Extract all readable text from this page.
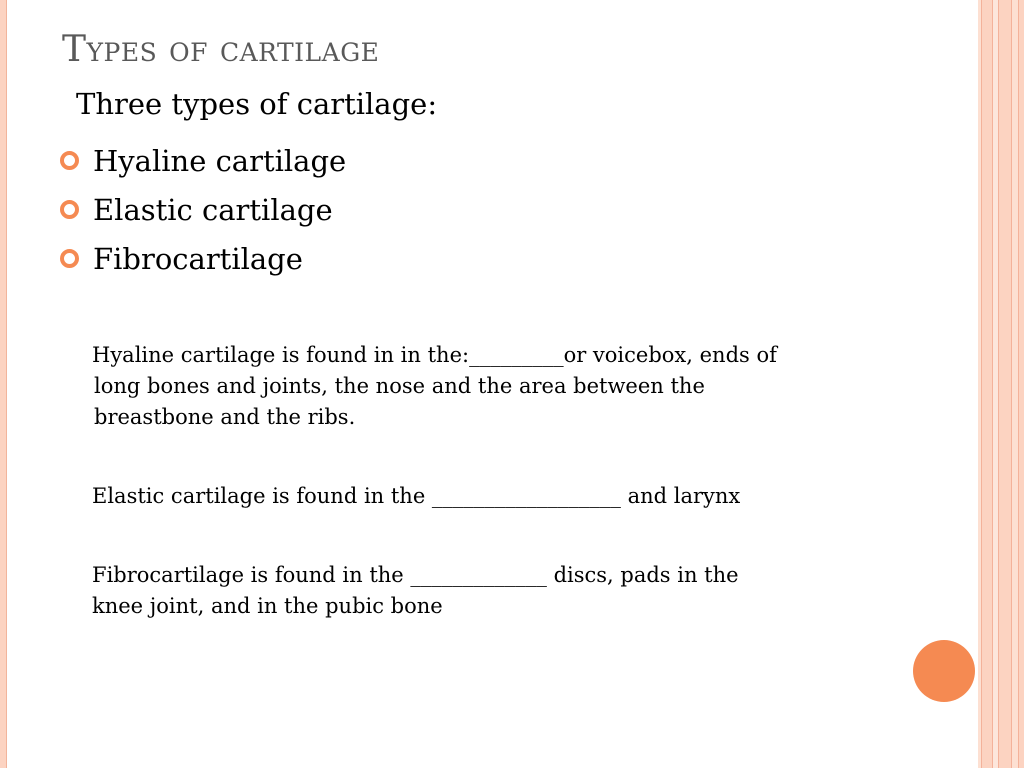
Types of cartilage
Three types of cartilage:
Hyaline cartilage
Elastic cartilage
Fibrocartilage
Hyaline cartilage is found in in the:_________or voicebox, ends of
long bones and joints, the nose and the area between the
breastbone and the ribs.
Elastic cartilage is found in the __________________ and larynx
Fibrocartilage is found in the _____________ discs, pads in the
knee joint, and in the pubic bone
